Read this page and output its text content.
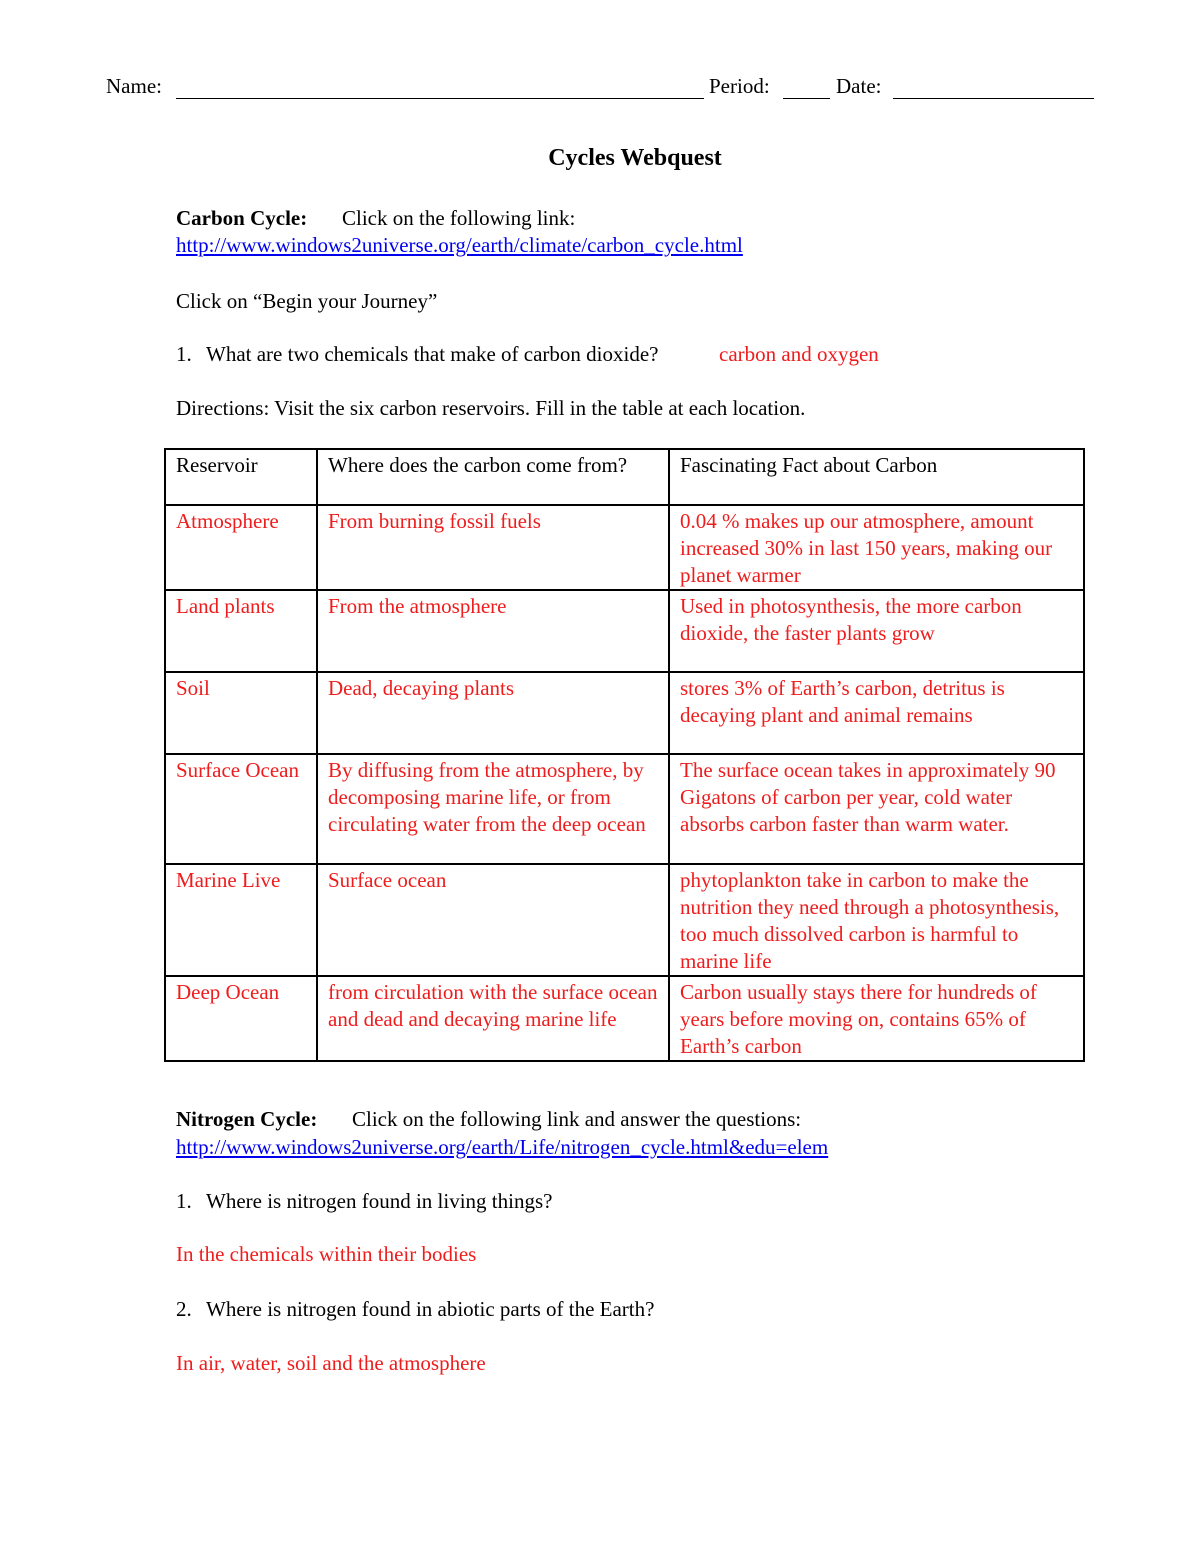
Name:	Period:	Date:
Cycles Webquest
Carbon Cycle: Click on the following link:
http://www.windows2universe.org/earth/climate/carbon_cycle.html
Click on “Begin your Journey”
1. What are two chemicals that make of carbon dioxide?	carbon and oxygen
Directions: Visit the six carbon reservoirs. Fill in the table at each location.
Reservoir	Where does the carbon come from?	Fascinating Fact about Carbon
Atmosphere	From burning fossil fuels	0.04 % makes up our atmosphere, amount increased 30% in last 150 years, making our planet warmer
Land plants	From the atmosphere	Used in photosynthesis, the more carbon dioxide, the faster plants grow
Soil	Dead, decaying plants	stores 3% of Earth’s carbon, detritus is decaying plant and animal remains
Surface Ocean	By diffusing from the atmosphere, by decomposing marine life, or from circulating water from the deep ocean	The surface ocean takes in approximately 90 Gigatons of carbon per year, cold water absorbs carbon faster than warm water.
Marine Live	Surface ocean	phytoplankton take in carbon to make the nutrition they need through a photosynthesis, too much dissolved carbon is harmful to marine life
Deep Ocean	from circulation with the surface ocean and dead and decaying marine life	Carbon usually stays there for hundreds of years before moving on, contains 65% of Earth’s carbon
Nitrogen Cycle: Click on the following link and answer the questions:
http://www.windows2universe.org/earth/Life/nitrogen_cycle.html&edu=elem
1. Where is nitrogen found in living things?
In the chemicals within their bodies
2. Where is nitrogen found in abiotic parts of the Earth?
In air, water, soil and the atmosphere
